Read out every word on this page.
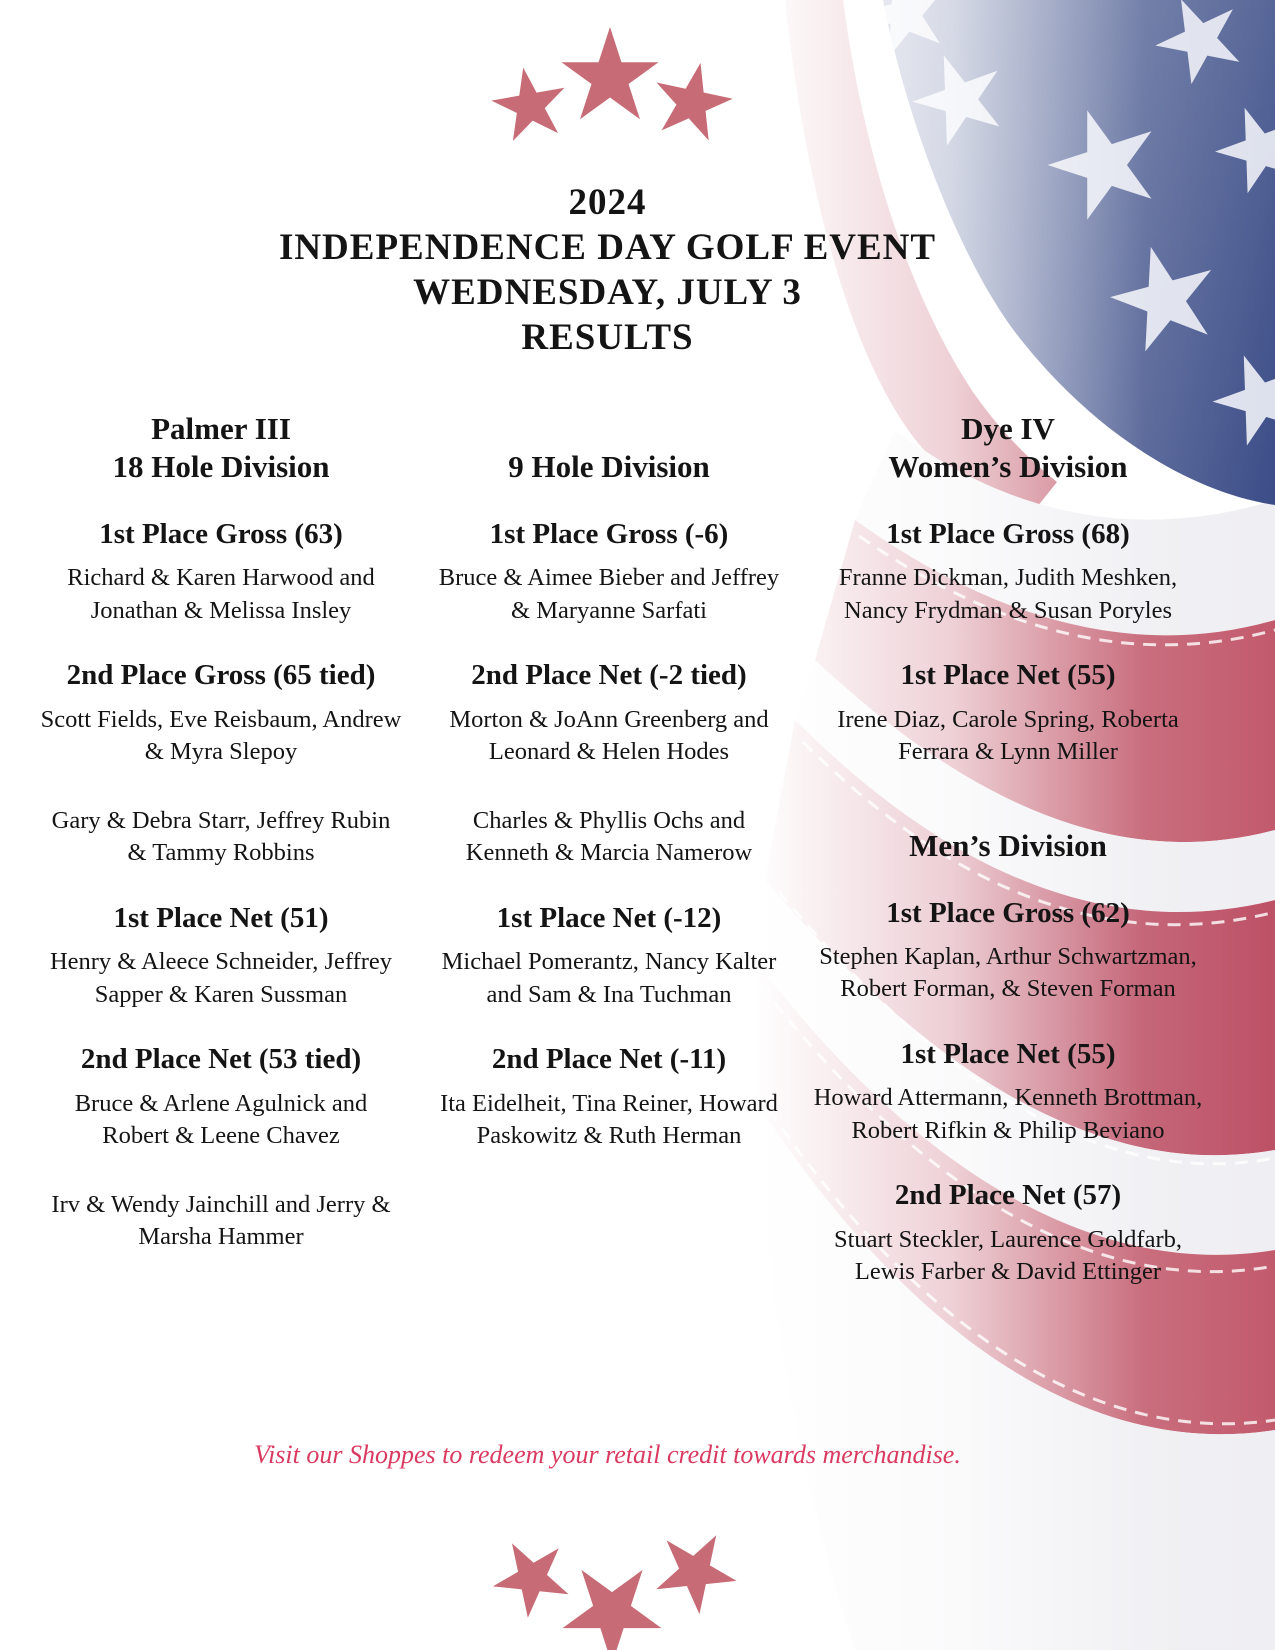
2024
INDEPENDENCE DAY GOLF EVENT
WEDNESDAY, JULY 3
RESULTS
Palmer III
18 Hole Division
1st Place Gross (63)

Richard & Karen Harwood and Jonathan & Melissa Insley

2nd Place Gross (65 tied)

Scott Fields, Eve Reisbaum, Andrew & Myra Slepoy

Gary & Debra Starr, Jeffrey Rubin & Tammy Robbins

1st Place Net (51)

Henry & Aleece Schneider, Jeffrey Sapper & Karen Sussman

2nd Place Net (53 tied)

Bruce & Arlene Agulnick and Robert & Leene Chavez

Irv & Wendy Jainchill and Jerry & Marsha Hammer

9 Hole Division
1st Place Gross (-6)

Bruce & Aimee Bieber and Jeffrey & Maryanne Sarfati

2nd Place Net (-2 tied)

Morton & JoAnn Greenberg and Leonard & Helen Hodes

Charles & Phyllis Ochs and Kenneth & Marcia Namerow

1st Place Net (-12)

Michael Pomerantz, Nancy Kalter and Sam & Ina Tuchman

2nd Place Net (-11)

Ita Eidelheit, Tina Reiner, Howard Paskowitz & Ruth Herman

Dye IV
Women’s Division
1st Place Gross (68)

Franne Dickman, Judith Meshken, Nancy Frydman & Susan Poryles

1st Place Net (55)

Irene Diaz, Carole Spring, Roberta Ferrara & Lynn Miller

Men’s Division
1st Place Gross (62)

Stephen Kaplan, Arthur Schwartzman, Robert Forman, & Steven Forman

1st Place Net (55)

Howard Attermann, Kenneth Brottman, Robert Rifkin & Philip Beviano

2nd Place Net (57)

Stuart Steckler, Laurence Goldfarb, Lewis Farber & David Ettinger

Visit our Shoppes to redeem your retail credit towards merchandise.
